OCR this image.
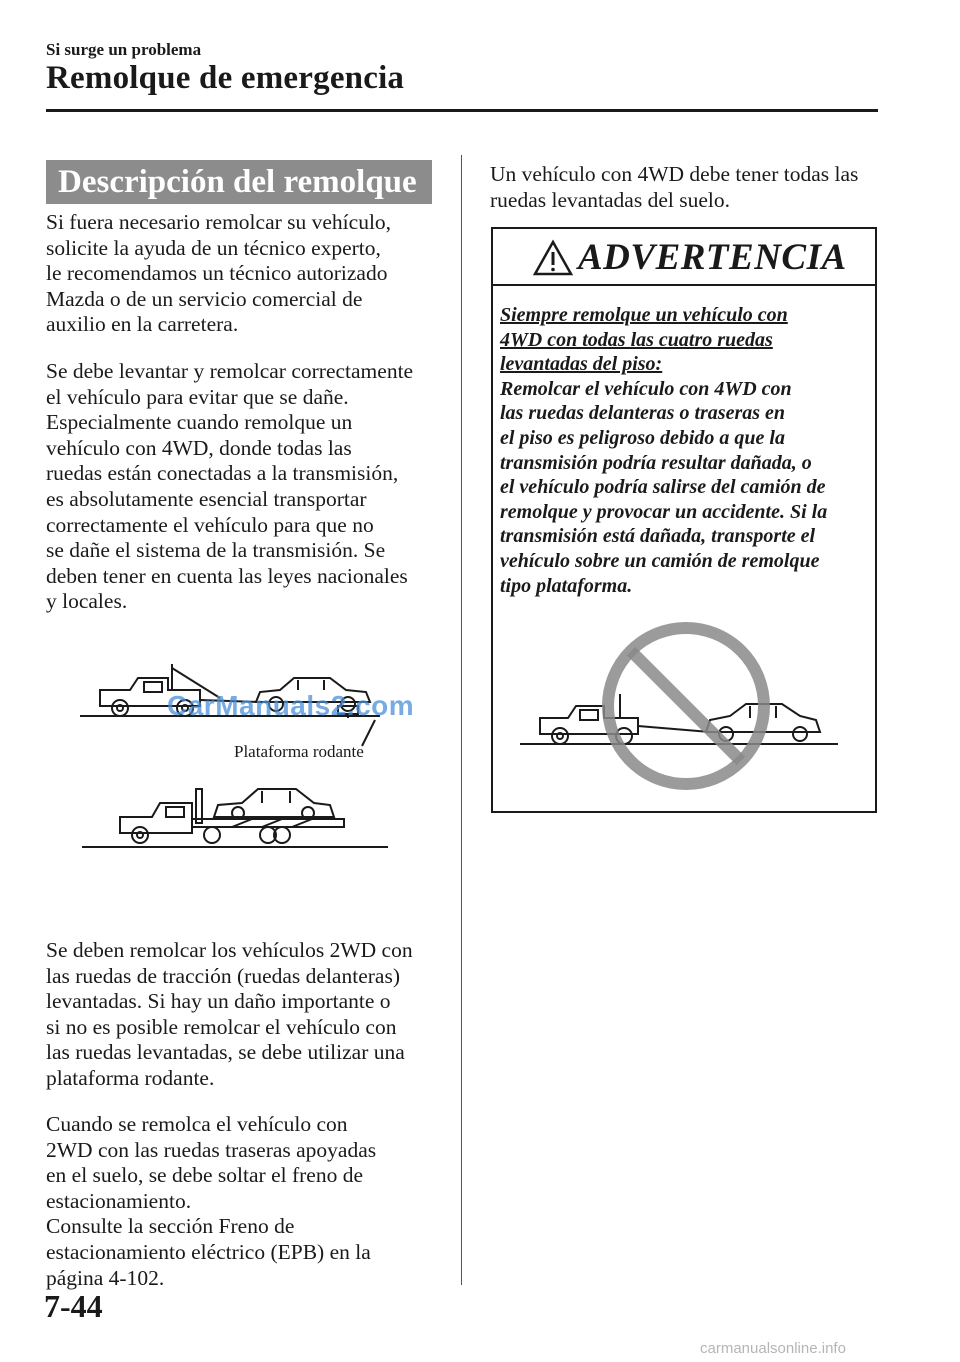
Si surge un problema
Remolque de emergencia
Descripción del remolque
Si fuera necesario remolcar su vehículo,
solicite la ayuda de un técnico experto,
le recomendamos un técnico autorizado
Mazda o de un servicio comercial de
auxilio en la carretera.
Se debe levantar y remolcar correctamente
el vehículo para evitar que se dañe.
Especialmente cuando remolque un
vehículo con 4WD, donde todas las
ruedas están conectadas a la transmisión,
es absolutamente esencial transportar
correctamente el vehículo para que no
se dañe el sistema de la transmisión. Se
deben tener en cuenta las leyes nacionales
y locales.
CarManuals2.com
Plataforma rodante
Se deben remolcar los vehículos 2WD con
las ruedas de tracción (ruedas delanteras)
levantadas. Si hay un daño importante o
si no es posible remolcar el vehículo con
las ruedas levantadas, se debe utilizar una
plataforma rodante.
Cuando se remolca el vehículo con
2WD con las ruedas traseras apoyadas
en el suelo, se debe soltar el freno de
estacionamiento.
Consulte la sección Freno de
estacionamiento eléctrico (EPB) en la
página 4-102.
Un vehículo con 4WD debe tener todas las
ruedas levantadas del suelo.
ADVERTENCIA
Siempre remolque un vehículo con
4WD con todas las cuatro ruedas
levantadas del piso:
Remolcar el vehículo con 4WD con
las ruedas delanteras o traseras en
el piso es peligroso debido a que la
transmisión podría resultar dañada, o
el vehículo podría salirse del camión de
remolque y provocar un accidente. Si la
transmisión está dañada, transporte el
vehículo sobre un camión de remolque
tipo plataforma.
7-44
carmanualsonline.info
